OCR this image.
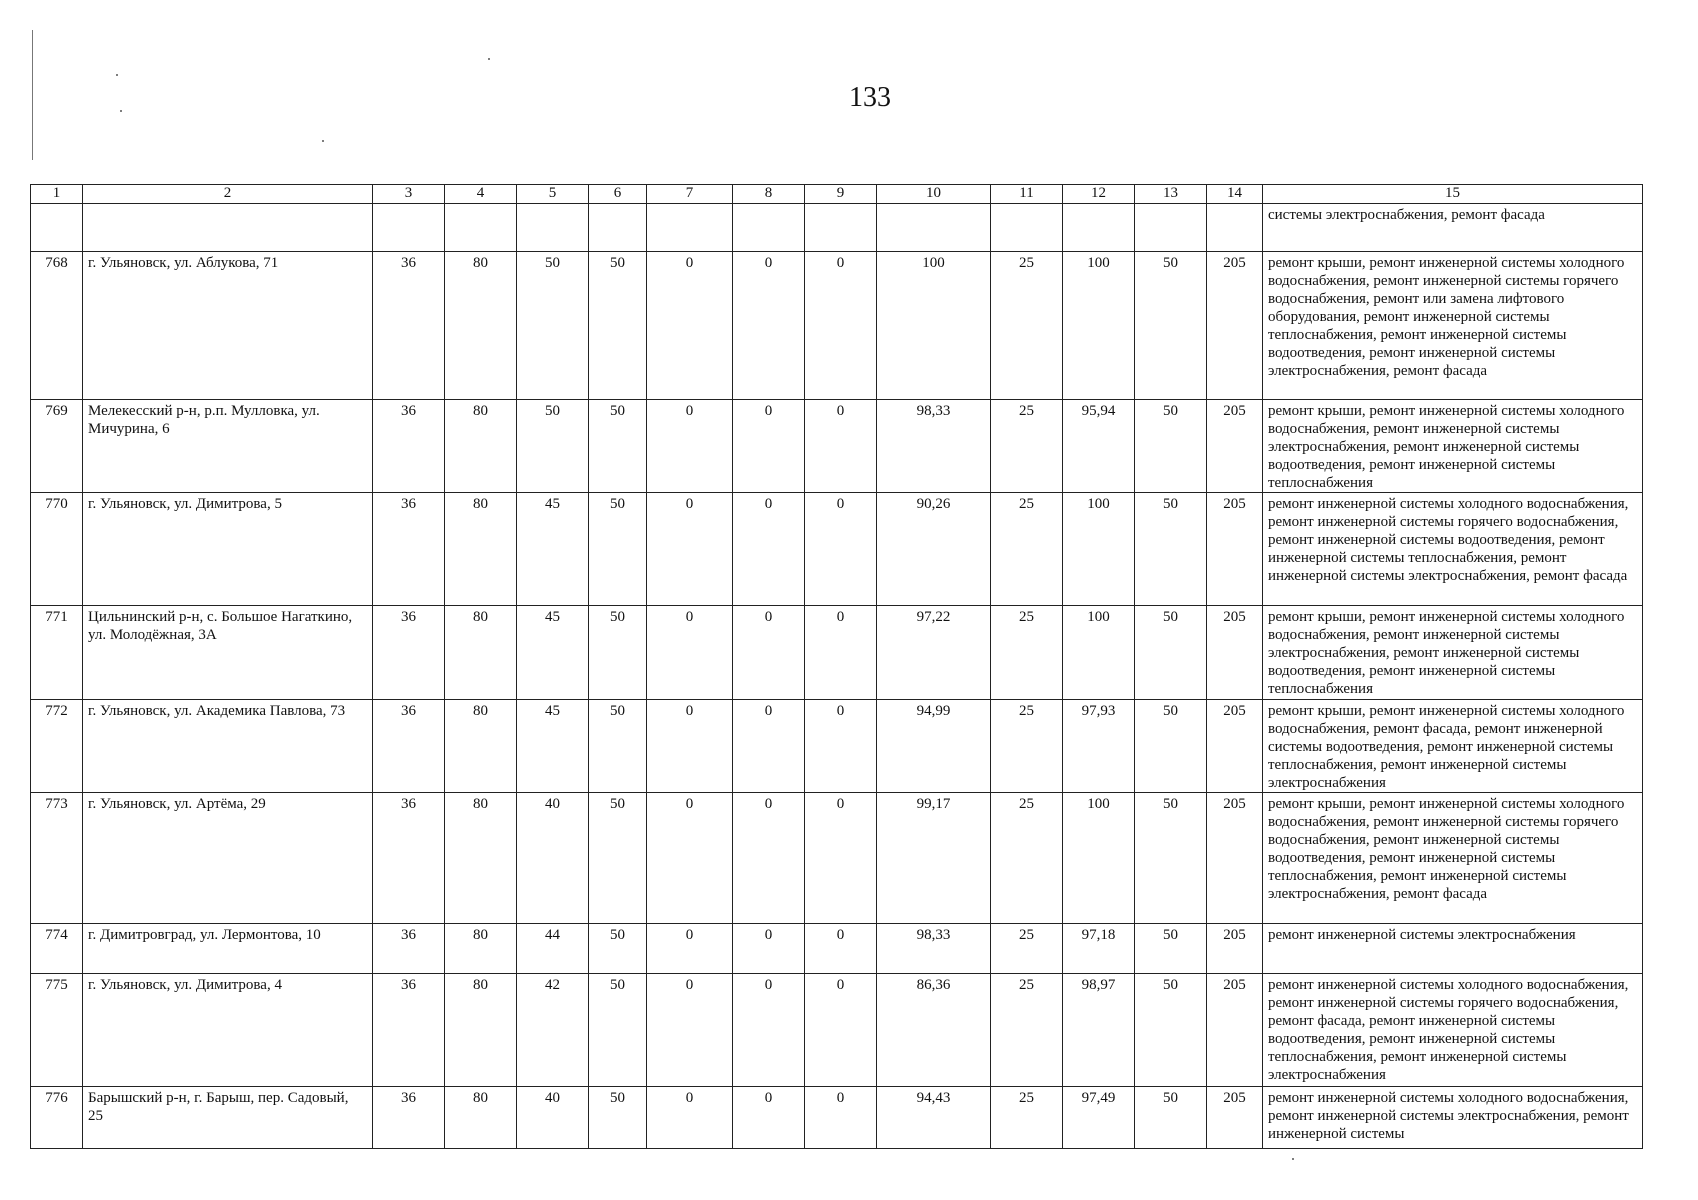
133
1	2	3	4	5	6	7	8	9	10	11	12	13	14	15
														системы электроснабжения, ремонт фасада
768	г. Ульяновск, ул. Аблукова, 71	36	80	50	50	0	0	0	100	25	100	50	205	ремонт крыши, ремонт инженерной системы холодного водоснабжения, ремонт инженерной системы горячего водоснабжения, ремонт или замена лифтового оборудования, ремонт инженерной системы теплоснабжения, ремонт инженерной системы водоотведения, ремонт инженерной системы электроснабжения, ремонт фасада
769	Мелекесский р-н, р.п. Мулловка, ул. Мичурина, 6	36	80	50	50	0	0	0	98,33	25	95,94	50	205	ремонт крыши, ремонт инженерной системы холодного водоснабжения, ремонт инженерной системы электроснабжения, ремонт инженерной системы водоотведения, ремонт инженерной системы теплоснабжения
770	г. Ульяновск, ул. Димитрова, 5	36	80	45	50	0	0	0	90,26	25	100	50	205	ремонт инженерной системы холодного водоснабжения, ремонт инженерной системы горячего водоснабжения, ремонт инженерной системы водоотведения, ремонт инженерной системы теплоснабжения, ремонт инженерной системы электроснабжения, ремонт фасада
771	Цильнинский р-н, с. Большое Нагаткино, ул. Молодёжная, 3А	36	80	45	50	0	0	0	97,22	25	100	50	205	ремонт крыши, ремонт инженерной системы холодного водоснабжения, ремонт инженерной системы электроснабжения, ремонт инженерной системы водоотведения, ремонт инженерной системы теплоснабжения
772	г. Ульяновск, ул. Академика Павлова, 73	36	80	45	50	0	0	0	94,99	25	97,93	50	205	ремонт крыши, ремонт инженерной системы холодного водоснабжения, ремонт фасада, ремонт инженерной системы водоотведения, ремонт инженерной системы теплоснабжения, ремонт инженерной системы электроснабжения
773	г. Ульяновск, ул. Артёма, 29	36	80	40	50	0	0	0	99,17	25	100	50	205	ремонт крыши, ремонт инженерной системы холодного водоснабжения, ремонт инженерной системы горячего водоснабжения, ремонт инженерной системы водоотведения, ремонт инженерной системы теплоснабжения, ремонт инженерной системы электроснабжения, ремонт фасада
774	г. Димитровград, ул. Лермонтова, 10	36	80	44	50	0	0	0	98,33	25	97,18	50	205	ремонт инженерной системы электроснабжения
775	г. Ульяновск, ул. Димитрова, 4	36	80	42	50	0	0	0	86,36	25	98,97	50	205	ремонт инженерной системы холодного водоснабжения, ремонт инженерной системы горячего водоснабжения, ремонт фасада, ремонт инженерной системы водоотведения, ремонт инженерной системы теплоснабжения, ремонт инженерной системы электроснабжения
776	Барышский р-н, г. Барыш, пер. Садовый, 25	36	80	40	50	0	0	0	94,43	25	97,49	50	205	ремонт инженерной системы холодного водоснабжения, ремонт инженерной системы электроснабжения, ремонт инженерной системы
